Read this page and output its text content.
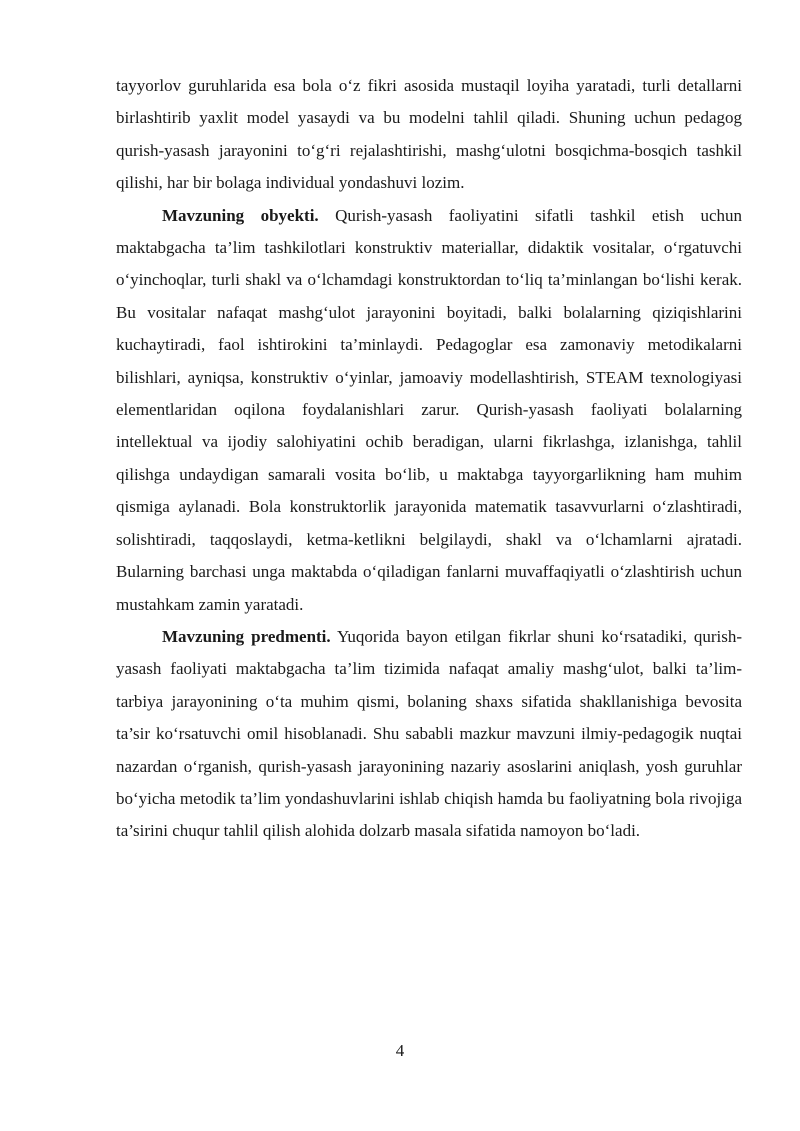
tayyorlov guruhlarida esa bola o‘z fikri asosida mustaqil loyiha yaratadi, turli detallarni birlashtirib yaxlit model yasaydi va bu modelni tahlil qiladi. Shuning uchun pedagog qurish-yasash jarayonini to‘g‘ri rejalashtirishi, mashg‘ulotni bosqichma-bosqich tashkil qilishi, har bir bolaga individual yondashuvi lozim.

Mavzuning obyekti. Qurish-yasash faoliyatini sifatli tashkil etish uchun maktabgacha ta’lim tashkilotlari konstruktiv materiallar, didaktik vositalar, o‘rgatuvchi o‘yinchoqlar, turli shakl va o‘lchamdagi konstruktordan to‘liq ta’minlangan bo‘lishi kerak. Bu vositalar nafaqat mashg‘ulot jarayonini boyitadi, balki bolalarning qiziqishlarini kuchaytiradi, faol ishtirokini ta’minlaydi. Pedagoglar esa zamonaviy metodikalarni bilishlari, ayniqsa, konstruktiv o‘yinlar, jamoaviy modellashtirish, STEAM texnologiyasi elementlaridan oqilona foydalanishlari zarur. Qurish-yasash faoliyati bolalarning intellektual va ijodiy salohiyatini ochib beradigan, ularni fikrlashga, izlanishga, tahlil qilishga undaydigan samarali vosita bo‘lib, u maktabga tayyorgarlikning ham muhim qismiga aylanadi. Bola konstruktorlik jarayonida matematik tasavvurlarni o‘zlashtiradi, solishtiradi, taqqoslaydi, ketma-ketlikni belgilaydi, shakl va o‘lchamlarni ajratadi. Bularning barchasi unga maktabda o‘qiladigan fanlarni muvaffaqiyatli o‘zlashtirish uchun mustahkam zamin yaratadi.

Mavzuning predmenti. Yuqorida bayon etilgan fikrlar shuni ko‘rsatadiki, qurish-yasash faoliyati maktabgacha ta’lim tizimida nafaqat amaliy mashg‘ulot, balki ta’lim-tarbiya jarayonining o‘ta muhim qismi, bolaning shaxs sifatida shakllanishiga bevosita ta’sir ko‘rsatuvchi omil hisoblanadi. Shu sababli mazkur mavzuni ilmiy-pedagogik nuqtai nazardan o‘rganish, qurish-yasash jarayonining nazariy asoslarini aniqlash, yosh guruhlar bo‘yicha metodik ta’lim yondashuvlarini ishlab chiqish hamda bu faoliyatning bola rivojiga ta’sirini chuqur tahlil qilish alohida dolzarb masala sifatida namoyon bo‘ladi.

4
